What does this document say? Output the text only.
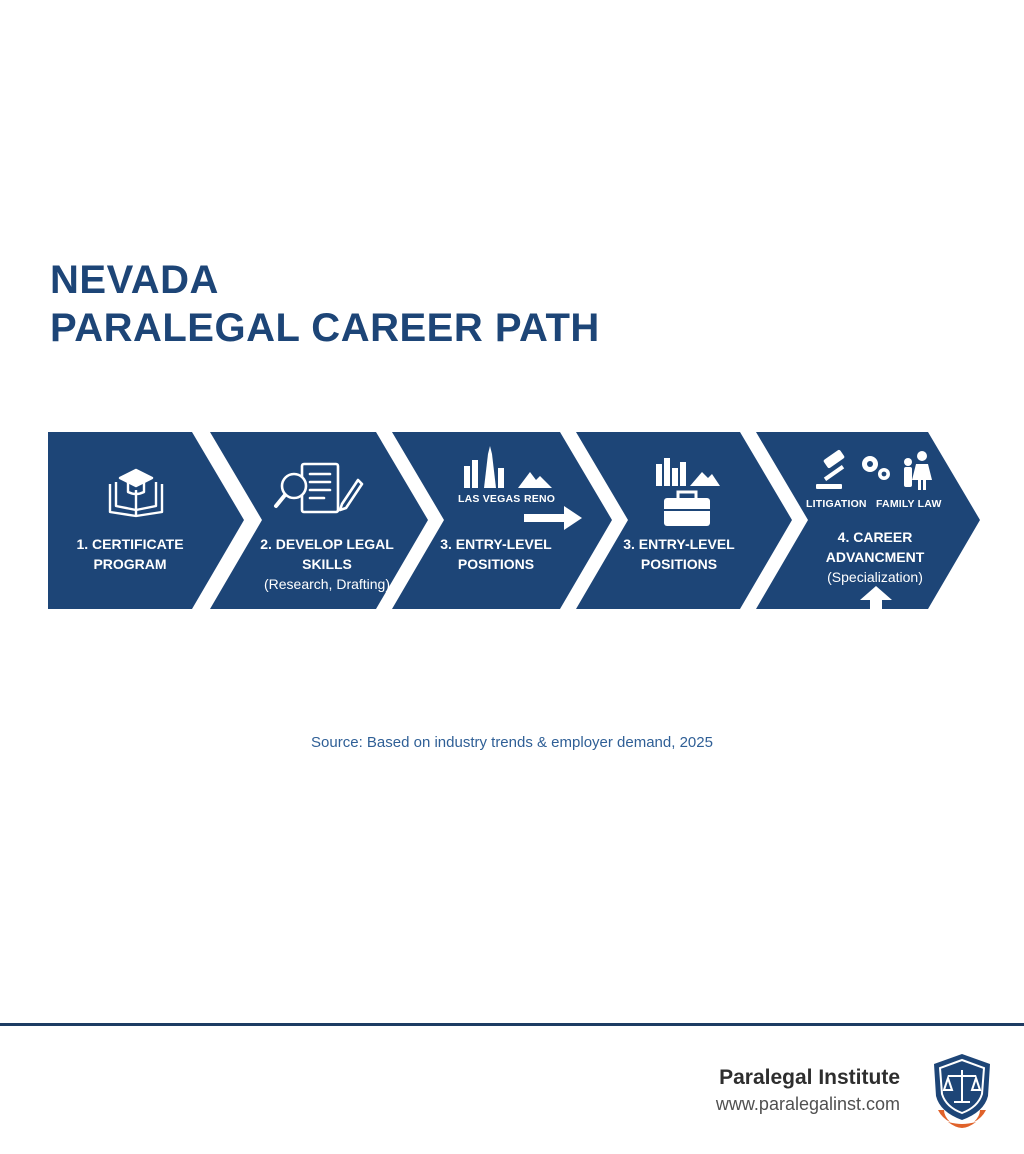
NEVADA
PARALEGAL CAREER PATH
1. CERTIFICATE
PROGRAM
2. DEVELOP LEGAL SKILLS
(Research, Drafting)
LAS VEGAS RENO
3. ENTRY-LEVEL
POSITIONS
3. ENTRY-LEVEL
POSITIONS
LITIGATION FAMILY LAW
4. CAREER ADVANCMENT
(Specialization)
Source: Based on industry trends & employer demand, 2025
Paralegal Institute
www.paralegalinst.com
